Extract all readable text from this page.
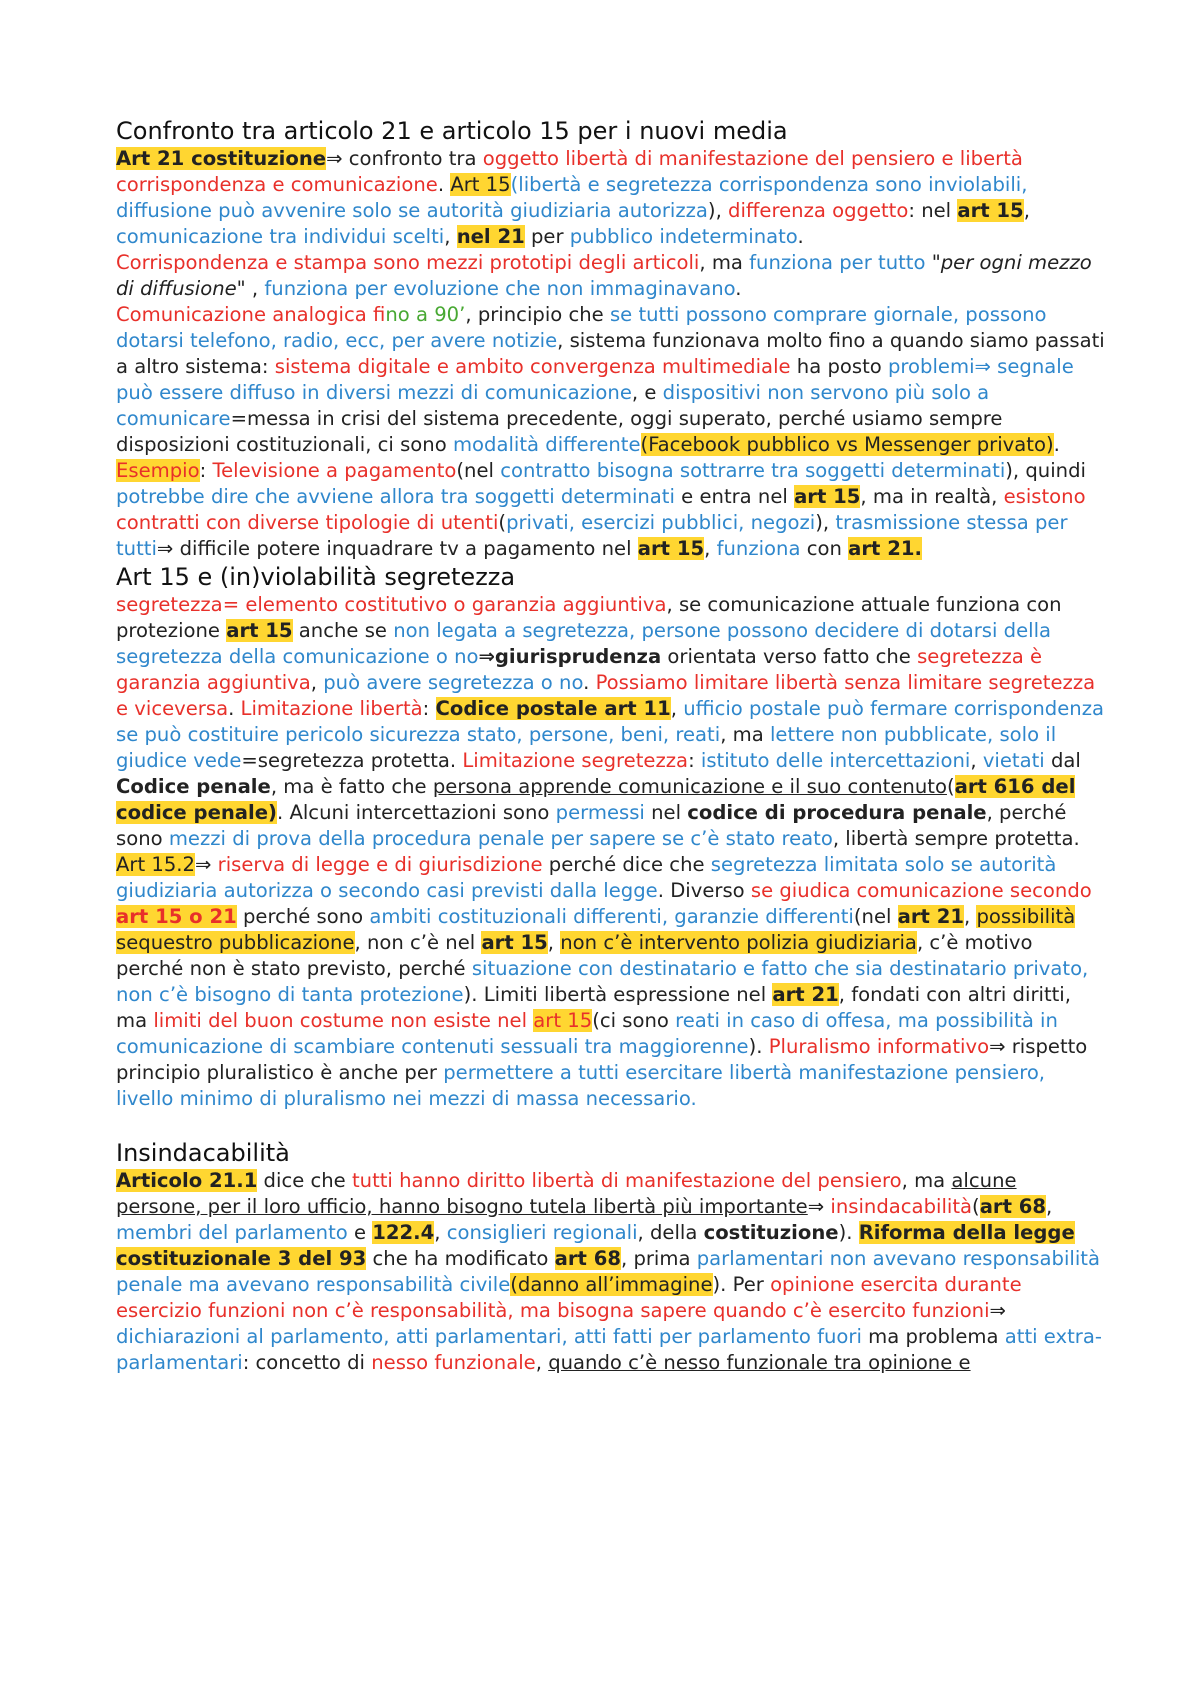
Confronto tra articolo 21 e articolo 15 per i nuovi media

Art 21 costituzione⇒ confronto tra oggetto libertà di manifestazione del pensiero e libertà corrispondenza e comunicazione. Art 15(libertà e segretezza corrispondenza sono inviolabili, diffusione può avvenire solo se autorità giudiziaria autorizza), differenza oggetto: nel art 15, comunicazione tra individui scelti, nel 21 per pubblico indeterminato.

Corrispondenza e stampa sono mezzi prototipi degli articoli, ma funziona per tutto "per ogni mezzo di diffusione" , funziona per evoluzione che non immaginavano.

Comunicazione analogica fino a 90’, principio che se tutti possono comprare giornale, possono dotarsi telefono, radio, ecc, per avere notizie, sistema funzionava molto fino a quando siamo passati a altro sistema: sistema digitale e ambito convergenza multimediale ha posto problemi⇒ segnale può essere diffuso in diversi mezzi di comunicazione, e dispositivi non servono più solo a comunicare=messa in crisi del sistema precedente, oggi superato, perché usiamo sempre disposizioni costituzionali, ci sono modalità differente(Facebook pubblico vs Messenger privato). Esempio: Televisione a pagamento(nel contratto bisogna sottrarre tra soggetti determinati), quindi potrebbe dire che avviene allora tra soggetti determinati e entra nel art 15, ma in realtà, esistono contratti con diverse tipologie di utenti(privati, esercizi pubblici, negozi), trasmissione stessa per tutti⇒ difficile potere inquadrare tv a pagamento nel art 15, funziona con art 21.

Art 15 e (in)violabilità segretezza

segretezza= elemento costitutivo o garanzia aggiuntiva, se comunicazione attuale funziona con protezione art 15 anche se non legata a segretezza, persone possono decidere di dotarsi della segretezza della comunicazione o no⇒giurisprudenza orientata verso fatto che segretezza è garanzia aggiuntiva, può avere segretezza o no. Possiamo limitare libertà senza limitare segretezza e viceversa. Limitazione libertà: Codice postale art 11, ufficio postale può fermare corrispondenza se può costituire pericolo sicurezza stato, persone, beni, reati, ma lettere non pubblicate, solo il giudice vede=segretezza protetta. Limitazione segretezza: istituto delle intercettazioni, vietati dal Codice penale, ma è fatto che persona apprende comunicazione e il suo contenuto(art 616 del codice penale). Alcuni intercettazioni sono permessi nel codice di procedura penale, perché sono mezzi di prova della procedura penale per sapere se c’è stato reato, libertà sempre protetta.

Art 15.2⇒ riserva di legge e di giurisdizione perché dice che segretezza limitata solo se autorità giudiziaria autorizza o secondo casi previsti dalla legge. Diverso se giudica comunicazione secondo art 15 o 21 perché sono ambiti costituzionali differenti, garanzie differenti(nel art 21, possibilità sequestro pubblicazione, non c’è nel art 15, non c’è intervento polizia giudiziaria, c’è motivo perché non è stato previsto, perché situazione con destinatario e fatto che sia destinatario privato, non c’è bisogno di tanta protezione). Limiti libertà espressione nel art 21, fondati con altri diritti, ma limiti del buon costume non esiste nel art 15(ci sono reati in caso di offesa, ma possibilità in comunicazione di scambiare contenuti sessuali tra maggiorenne). Pluralismo informativo⇒ rispetto principio pluralistico è anche per permettere a tutti esercitare libertà manifestazione pensiero, livello minimo di pluralismo nei mezzi di massa necessario.

Insindacabilità

Articolo 21.1 dice che tutti hanno diritto libertà di manifestazione del pensiero, ma alcune persone, per il loro ufficio, hanno bisogno tutela libertà più importante⇒ insindacabilità(art 68, membri del parlamento e 122.4, consiglieri regionali, della costituzione). Riforma della legge costituzionale 3 del 93 che ha modificato art 68, prima parlamentari non avevano responsabilità penale ma avevano responsabilità civile(danno all’immagine). Per opinione esercita durante esercizio funzioni non c’è responsabilità, ma bisogna sapere quando c’è esercito funzioni⇒ dichiarazioni al parlamento, atti parlamentari, atti fatti per parlamento fuori ma problema atti extra-parlamentari: concetto di nesso funzionale, quando c’è nesso funzionale tra opinione e
